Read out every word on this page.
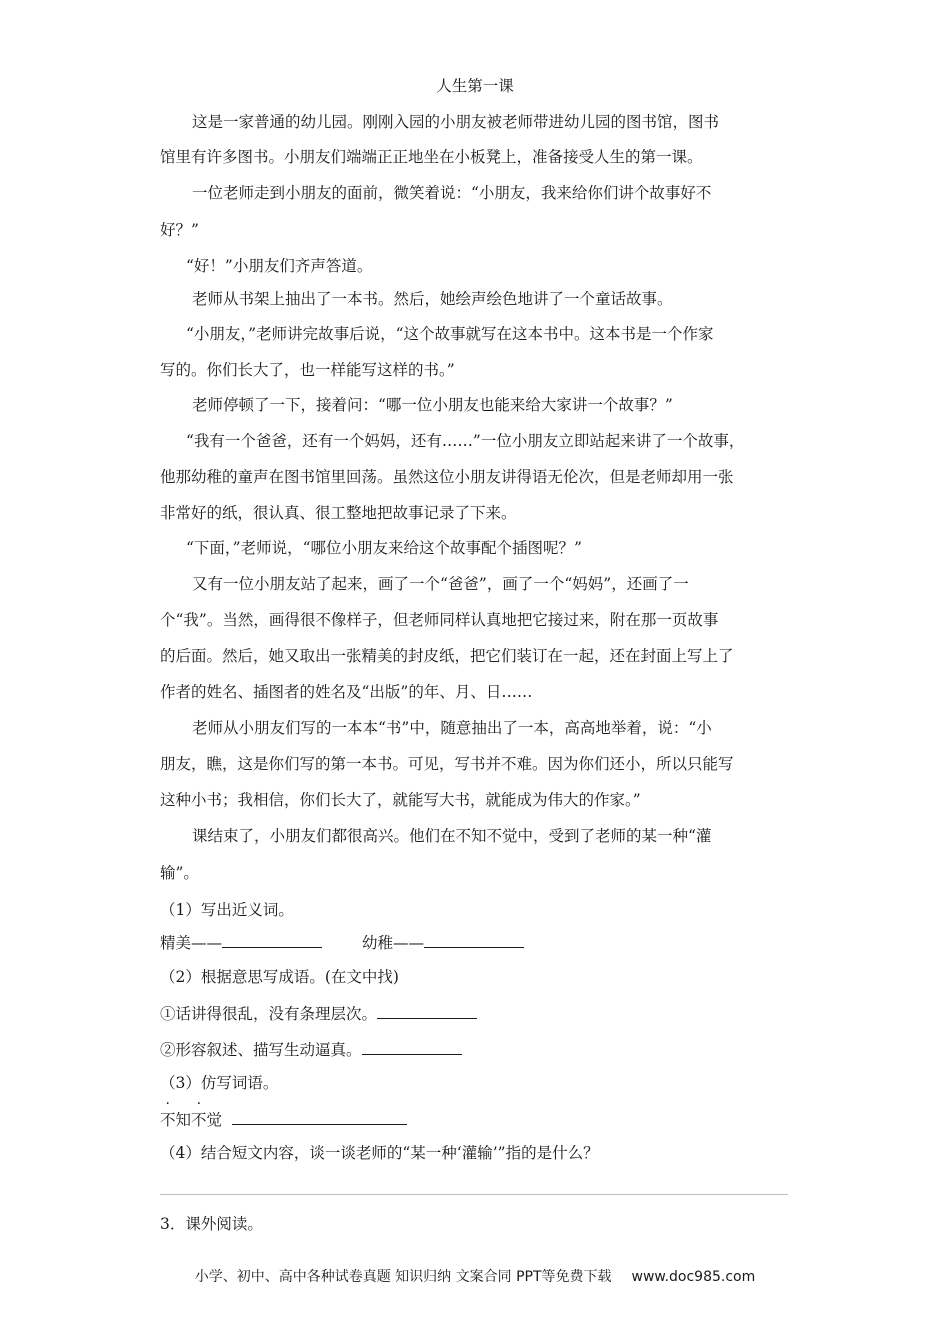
人生第一课
这是一家普通的幼儿园。刚刚入园的小朋友被老师带进幼儿园的图书馆，图书
馆里有许多图书。小朋友们端端正正地坐在小板凳上，准备接受人生的第一课。
一位老师走到小朋友的面前，微笑着说：“小朋友，我来给你们讲个故事好不
好？”
“好！”小朋友们齐声答道。
老师从书架上抽出了一本书。然后，她绘声绘色地讲了一个童话故事。
“小朋友，”老师讲完故事后说，“这个故事就写在这本书中。这本书是一个作家
写的。你们长大了，也一样能写这样的书。”
老师停顿了一下，接着问：“哪一位小朋友也能来给大家讲一个故事？”
“我有一个爸爸，还有一个妈妈，还有……”一位小朋友立即站起来讲了一个故事，
他那幼稚的童声在图书馆里回荡。虽然这位小朋友讲得语无伦次，但是老师却用一张
非常好的纸，很认真、很工整地把故事记录了下来。
“下面，”老师说，“哪位小朋友来给这个故事配个插图呢？”
又有一位小朋友站了起来，画了一个“爸爸”，画了一个“妈妈”，还画了一
个“我”。当然，画得很不像样子，但老师同样认真地把它接过来，附在那一页故事
的后面。然后，她又取出一张精美的封皮纸，把它们装订在一起，还在封面上写上了
作者的姓名、插图者的姓名及“出版”的年、月、日……
老师从小朋友们写的一本本“书”中，随意抽出了一本，高高地举着，说：“小
朋友，瞧，这是你们写的第一本书。可见，写书并不难。因为你们还小，所以只能写
这种小书；我相信，你们长大了，就能写大书，就能成为伟大的作家。”
课结束了，小朋友们都很高兴。他们在不知不觉中，受到了老师的某一种“灌
输”。
（1）写出近义词。
精美——	幼稚——
（2）根据意思写成语。(在文中找)
①话讲得很乱，没有条理层次。
②形容叙述、描写生动逼真。
（3）仿写词语。
不知不觉
（4）结合短文内容，谈一谈老师的“某一种‘灌输’”指的是什么？
3．课外阅读。
小学、初中、高中各种试卷真题 知识归纳 文案合同 PPT等免费下载 www.doc985.com
